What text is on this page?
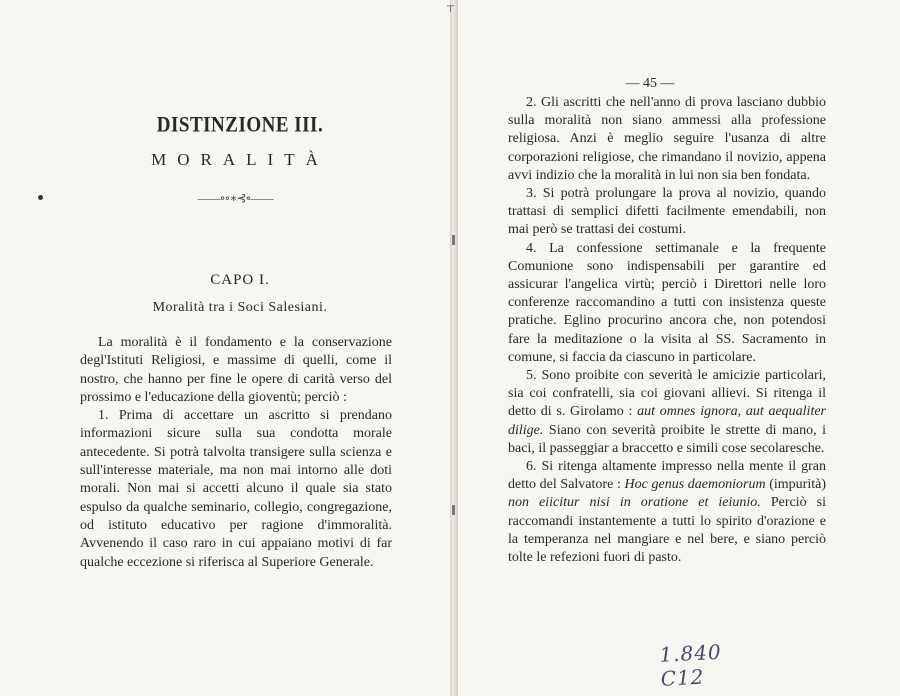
DISTINZIONE III.
MORALITÀ
——∘∘∗⊰∘——
CAPO I.
Moralità tra i Soci Salesiani.

La moralità è il fondamento e la conservazione degl'Istituti Religiosi, e massime di quelli, come il nostro, che hanno per fine le opere di carità verso del prossimo e l'educazione della gioventù; perciò :

1. Prima di accettare un ascritto si prendano informazioni sicure sulla sua condotta morale antecedente. Si potrà talvolta transigere sulla scienza e sull'interesse materiale, ma non mai intorno alle doti morali. Non mai si accetti alcuno il quale sia stato espulso da qualche seminario, collegio, congregazione, od istituto educativo per ragione d'immoralità. Avvenendo il caso raro in cui appaiano motivi di far qualche eccezione si riferisca al Superiore Generale.

┬
— 45 —

2. Gli ascritti che nell'anno di prova lasciano dubbio sulla moralità non siano ammessi alla professione religiosa. Anzi è meglio seguire l'usanza di altre corporazioni religiose, che rimandano il novizio, appena avvi indizio che la moralità in lui non sia ben fondata.

3. Si potrà prolungare la prova al novizio, quando trattasi di semplici difetti facilmente emendabili, non mai però se trattasi dei costumi.

4. La confessione settimanale e la frequente Comunione sono indispensabili per garantire ed assicurar l'angelica virtù; perciò i Direttori nelle loro conferenze raccomandino a tutti con insistenza queste pratiche. Eglino procurino ancora che, non potendosi fare la meditazione o la visita al SS. Sacramento in comune, si faccia da ciascuno in particolare.

5. Sono proibite con severità le amicizie particolari, sia coi confratelli, sia coi giovani allievi. Si ritenga il detto di s. Girolamo : aut omnes ignora, aut aequaliter dilige. Siano con severità proibite le strette di mano, i baci, il passeggiar a braccetto e simili cose secolaresche.

6. Si ritenga altamente impresso nella mente il gran detto del Salvatore : Hoc genus daemoniorum (impurità) non eiicitur nisi in oratione et ieiunio. Perciò si raccomandi instantemente a tutti lo spirito d'orazione e la temperanza nel mangiare e nel bere, e siano perciò tolte le refezioni fuori di pasto.

1.840 C12
